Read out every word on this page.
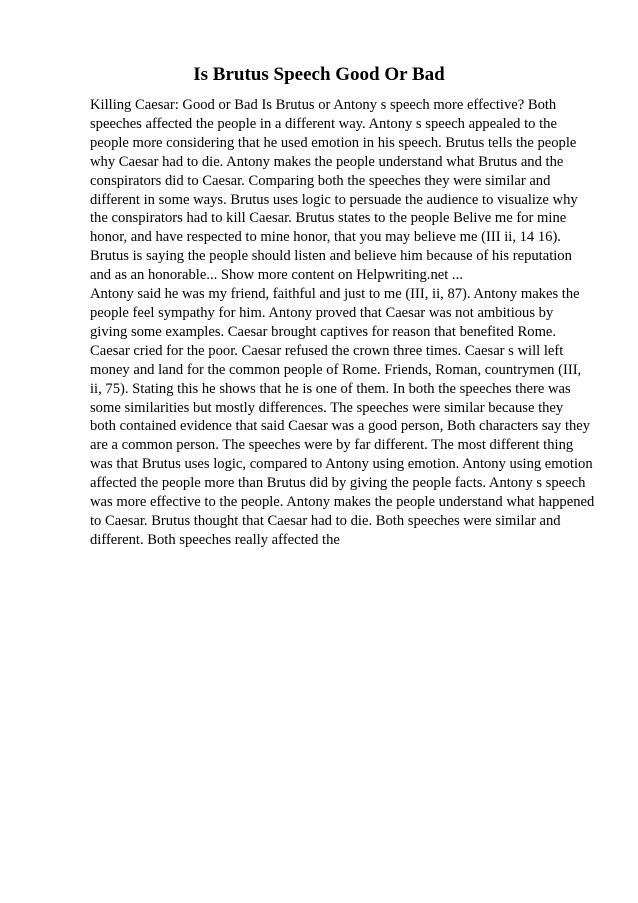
Is Brutus Speech Good Or Bad

Killing Caesar: Good or Bad Is Brutus or Antony s speech more effective? Both
speeches affected the people in a different way. Antony s speech appealed to the
people more considering that he used emotion in his speech. Brutus tells the people
why Caesar had to die. Antony makes the people understand what Brutus and the
conspirators did to Caesar. Comparing both the speeches they were similar and
different in some ways. Brutus uses logic to persuade the audience to visualize why
the conspirators had to kill Caesar. Brutus states to the people Belive me for mine
honor, and have respected to mine honor, that you may believe me (III ii, 14 16).
Brutus is saying the people should listen and believe him because of his reputation
and as an honorable... Show more content on Helpwriting.net ...

Antony said he was my friend, faithful and just to me (III, ii, 87). Antony makes the
people feel sympathy for him. Antony proved that Caesar was not ambitious by
giving some examples. Caesar brought captives for reason that benefited Rome.
Caesar cried for the poor. Caesar refused the crown three times. Caesar s will left
money and land for the common people of Rome. Friends, Roman, countrymen (III,
ii, 75). Stating this he shows that he is one of them. In both the speeches there was
some similarities but mostly differences. The speeches were similar because they
both contained evidence that said Caesar was a good person, Both characters say they
are a common person. The speeches were by far different. The most different thing
was that Brutus uses logic, compared to Antony using emotion. Antony using emotion
affected the people more than Brutus did by giving the people facts. Antony s speech
was more effective to the people. Antony makes the people understand what happened
to Caesar. Brutus thought that Caesar had to die. Both speeches were similar and
different. Both speeches really affected the
